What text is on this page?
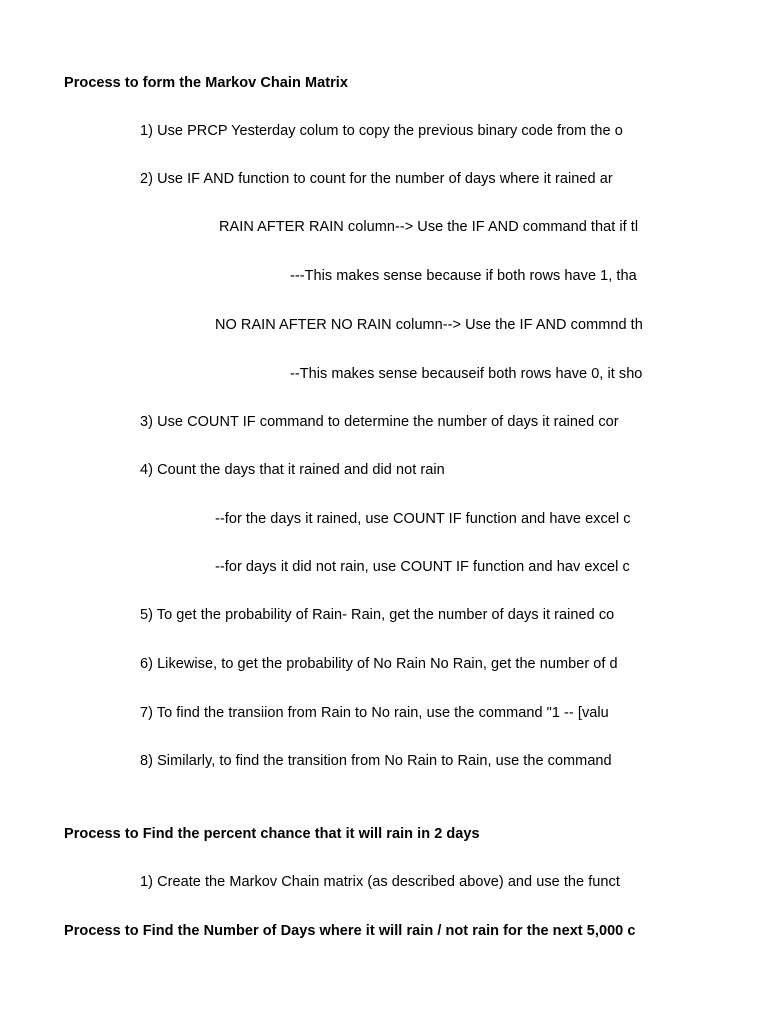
Process to form the Markov Chain Matrix
1) Use PRCP Yesterday colum to copy the previous binary code from the o
2) Use IF AND function to count for the number of days where it rained ar
RAIN AFTER RAIN column--> Use the IF AND command that if tl
---This makes sense because if both rows have 1, tha
NO RAIN AFTER NO RAIN column--> Use the IF AND commnd th
--This makes sense becauseif both rows have 0, it sho
3) Use COUNT IF command to determine the number of days it rained cor
4) Count the days that it rained and did not rain
--for the days it rained, use COUNT IF function and have excel c
--for days it did not rain, use COUNT IF function and hav excel c
5) To get the probability of Rain- Rain, get the number of days it rained co
6) Likewise, to get the probability of No Rain No Rain, get the number of d
7) To find the transiion from Rain to No rain, use the command "1 -- [valu
8) Similarly, to find the transition from No Rain to Rain, use the command
Process to Find the percent chance that it will rain in 2 days
1) Create the Markov Chain matrix (as described above) and use the funct
Process to Find the Number of Days where it will rain / not rain for the next 5,000 c
